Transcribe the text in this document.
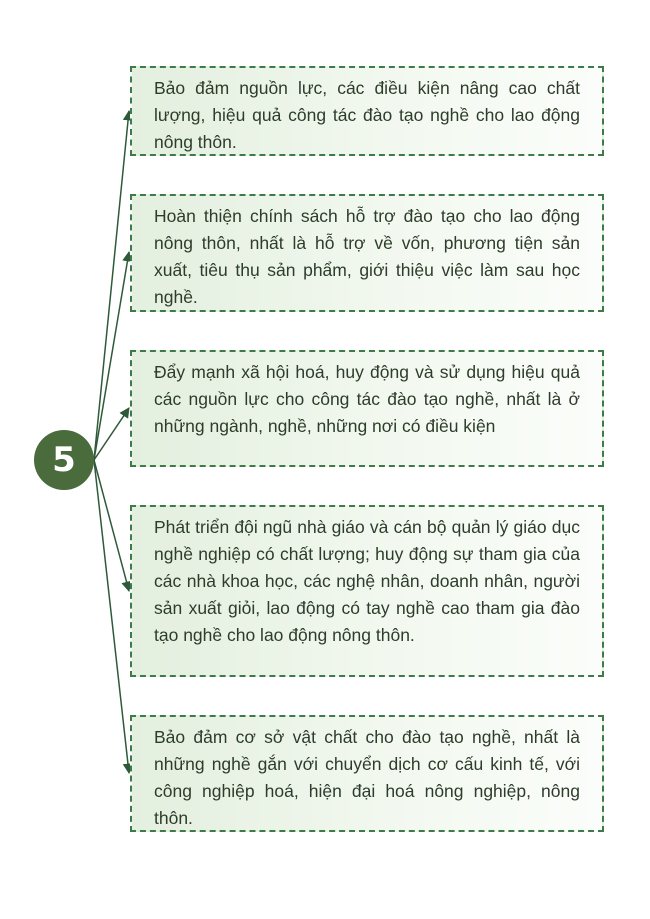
5
Bảo đảm nguồn lực, các điều kiện nâng cao chất lượng, hiệu quả công tác đào tạo nghề cho lao động nông thôn.
Hoàn thiện chính sách hỗ trợ đào tạo cho lao động nông thôn, nhất là hỗ trợ về vốn, phương tiện sản xuất, tiêu thụ sản phẩm, giới thiệu việc làm sau học nghề.
Đẩy mạnh xã hội hoá, huy động và sử dụng hiệu quả các nguồn lực cho công tác đào tạo nghề, nhất là ở những ngành, nghề, những nơi có điều kiện
Phát triển đội ngũ nhà giáo và cán bộ quản lý giáo dục nghề nghiệp có chất lượng; huy động sự tham gia của các nhà khoa học, các nghệ nhân, doanh nhân, người sản xuất giỏi, lao động có tay nghề cao tham gia đào tạo nghề cho lao động nông thôn.
Bảo đảm cơ sở vật chất cho đào tạo nghề, nhất là những nghề gắn với chuyển dịch cơ cấu kinh tế, với công nghiệp hoá, hiện đại hoá nông nghiệp, nông thôn.
